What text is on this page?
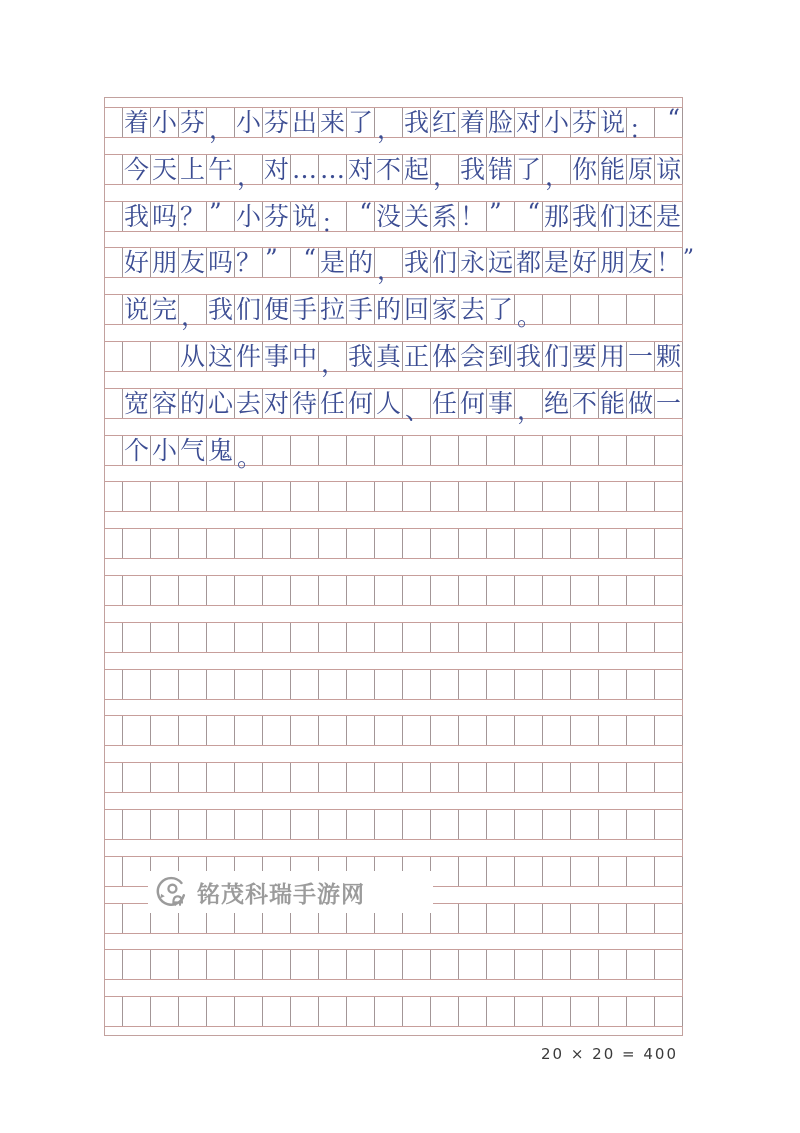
着 小 芬 ， 小 芬 出 来 了 ， 我 红 着 脸 对 小 芬 说 ： “
今 天 上 午 ， 对 … … 对 不 起 ， 我 错 了 ， 你 能 原 谅
我 吗 ？ ” 小 芬 说 ： “ 没 关 系 ！ ” “ 那 我 们 还 是
好 朋 友 吗 ？ ” “ 是 的 ， 我 们 永 远 都 是 好 朋 友 ！
说 完 ， 我 们 便 手 拉 手 的 回 家 去 了 。
从 这 件 事 中 ， 我 真 正 体 会 到 我 们 要 用 一 颗
宽 容 的 心 去 对 待 任 何 人 、 任 何 事 ， 绝 不 能 做 一
个 小 气 鬼 。
”
铭茂科瑞手游网
20 × 20 = 400
